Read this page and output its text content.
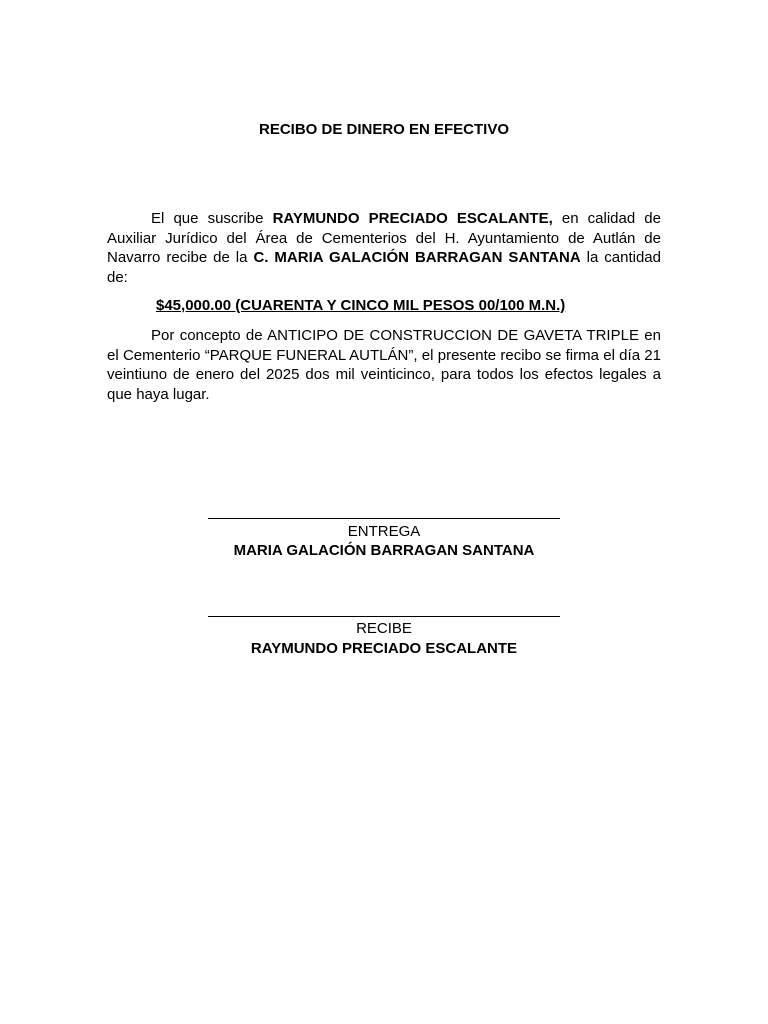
RECIBO DE DINERO EN EFECTIVO

El que suscribe RAYMUNDO PRECIADO ESCALANTE, en calidad de Auxiliar Jurídico del Área de Cementerios del H. Ayuntamiento de Autlán de Navarro recibe de la C. MARIA GALACIÓN BARRAGAN SANTANA la cantidad de:

$45,000.00 (CUARENTA Y CINCO MIL PESOS 00/100 M.N.)

Por concepto de ANTICIPO DE CONSTRUCCION DE GAVETA TRIPLE en el Cementerio “PARQUE FUNERAL AUTLÁN”, el presente recibo se firma el día 21 veintiuno de enero del 2025 dos mil veinticinco, para todos los efectos legales a que haya lugar.

ENTREGA
MARIA GALACIÓN BARRAGAN SANTANA
RECIBE
RAYMUNDO PRECIADO ESCALANTE
